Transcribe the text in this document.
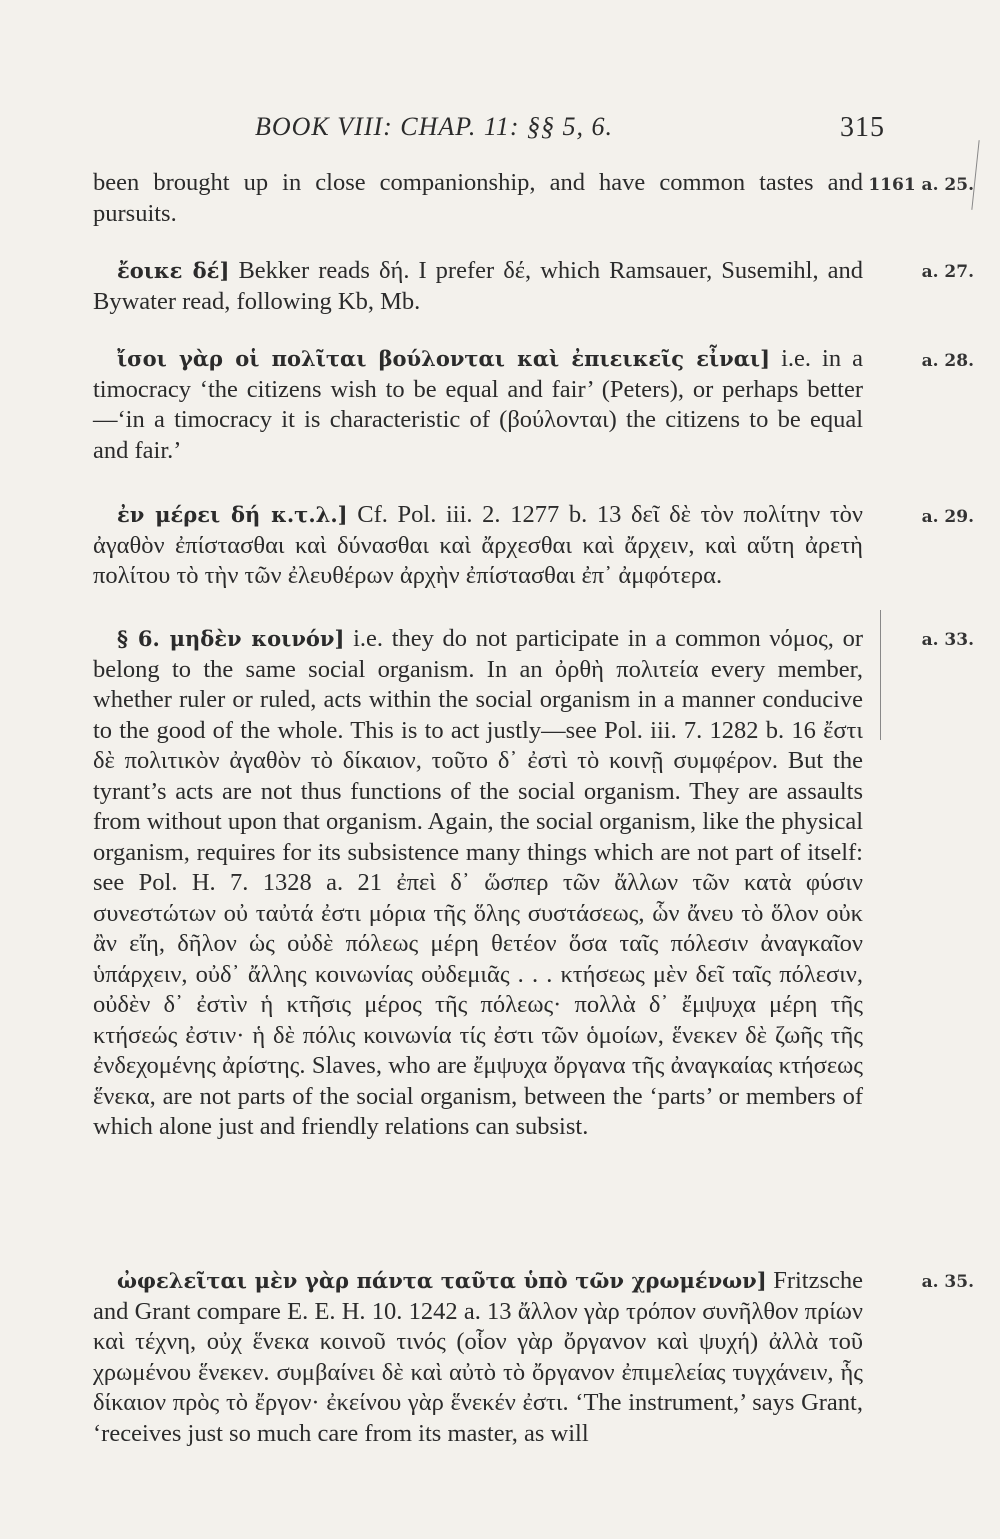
BOOK VIII: CHAP. 11: §§ 5, 6.	315
been brought up in close companionship, and have common tastes and pursuits.
1161 a. 25.
ἔοικε δέ] Bekker reads δή. I prefer δέ, which Ramsauer, Susemihl, and Bywater read, following Kb, Mb.
a. 27.
ἴσοι γὰρ οἱ πολῖται βούλονται καὶ ἐπιεικεῖς εἶναι] i.e. in a timocracy ‘the citizens wish to be equal and fair’ (Peters), or perhaps better—‘in a timocracy it is characteristic of (βούλονται) the citizens to be equal and fair.’
a. 28.
ἐν μέρει δή κ.τ.λ.] Cf. Pol. iii. 2. 1277 b. 13 δεῖ δὲ τὸν πολίτην τὸν ἀγαθὸν ἐπίστασθαι καὶ δύνασθαι καὶ ἄρχεσθαι καὶ ἄρχειν, καὶ αὕτη ἀρετὴ πολίτου τὸ τὴν τῶν ἐλευθέρων ἀρχὴν ἐπίστασθαι ἐπ᾽ ἀμφότερα.
a. 29.
§ 6. μηδὲν κοινόν] i.e. they do not participate in a common νόμος, or belong to the same social organism. In an ὀρθὴ πολιτεία every member, whether ruler or ruled, acts within the social organism in a manner conducive to the good of the whole. This is to act justly—see Pol. iii. 7. 1282 b. 16 ἔστι δὲ πολιτικὸν ἀγαθὸν τὸ δίκαιον, τοῦτο δ᾽ ἐστὶ τὸ κοινῇ συμφέρον. But the tyrant’s acts are not thus functions of the social organism. They are assaults from without upon that organism. Again, the social organism, like the physical organism, requires for its subsistence many things which are not part of itself: see Pol. H. 7. 1328 a. 21 ἐπεὶ δ᾽ ὥσπερ τῶν ἄλλων τῶν κατὰ φύσιν συνεστώτων οὐ ταὐτά ἐστι μόρια τῆς ὅλης συστάσεως, ὧν ἄνευ τὸ ὅλον οὐκ ἂν εἴη, δῆλον ὡς οὐδὲ πόλεως μέρη θετέον ὅσα ταῖς πόλεσιν ἀναγκαῖον ὑπάρχειν, οὐδ᾽ ἄλλης κοινωνίας οὐδεμιᾶς . . . κτήσεως μὲν δεῖ ταῖς πόλεσιν, οὐδὲν δ᾽ ἐστὶν ἡ κτῆσις μέρος τῆς πόλεως· πολλὰ δ᾽ ἔμψυχα μέρη τῆς κτήσεώς ἐστιν· ἡ δὲ πόλις κοινωνία τίς ἐστι τῶν ὁμοίων, ἕνεκεν δὲ ζωῆς τῆς ἐνδεχομένης ἀρίστης. Slaves, who are ἔμψυχα ὄργανα τῆς ἀναγκαίας κτήσεως ἕνεκα, are not parts of the social organism, between the ‘parts’ or members of which alone just and friendly relations can subsist.
a. 33.
ὠφελεῖται μὲν γὰρ πάντα ταῦτα ὑπὸ τῶν χρωμένων] Fritzsche and Grant compare E. E. H. 10. 1242 a. 13 ἄλλον γὰρ τρόπον συνῆλθον πρίων καὶ τέχνη, οὐχ ἕνεκα κοινοῦ τινός (οἷον γὰρ ὄργανον καὶ ψυχή) ἀλλὰ τοῦ χρωμένου ἕνεκεν. συμβαίνει δὲ καὶ αὐτὸ τὸ ὄργανον ἐπιμελείας τυγχάνειν, ἧς δίκαιον πρὸς τὸ ἔργον· ἐκείνου γὰρ ἕνεκέν ἐστι. ‘The instrument,’ says Grant, ‘receives just so much care from its master, as will
a. 35.
